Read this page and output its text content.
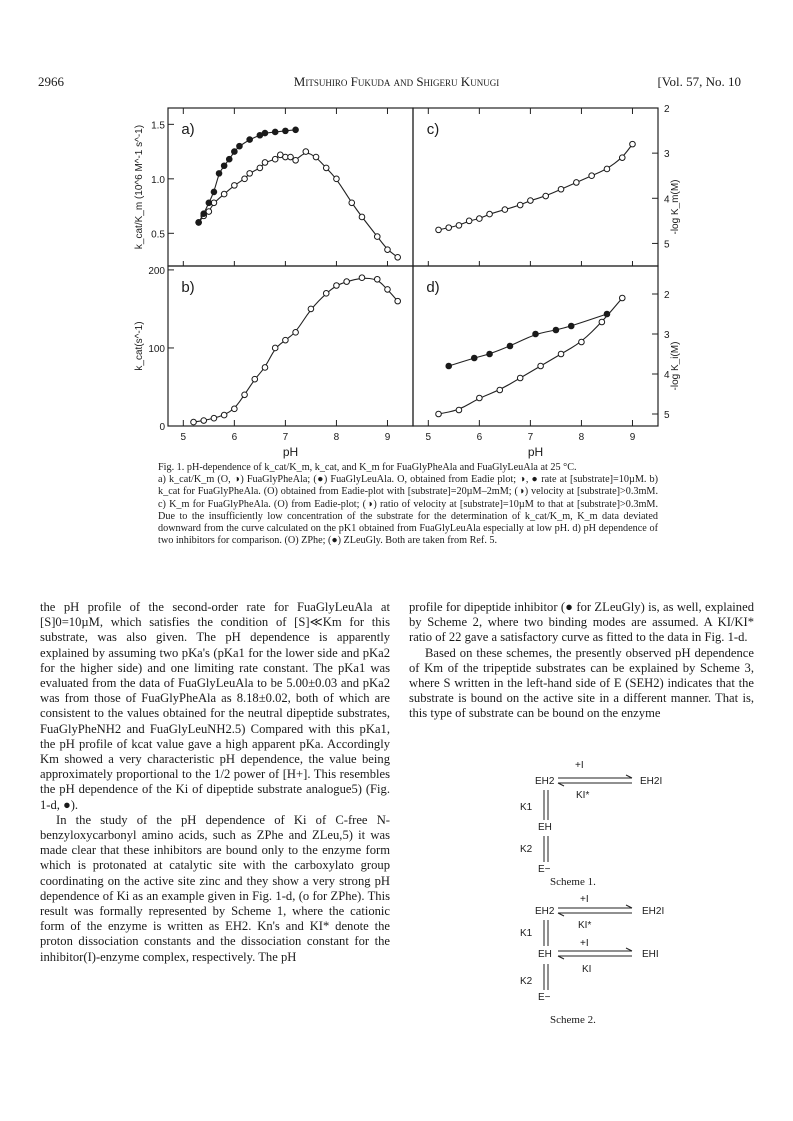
2966	Mitsuhiro Fukuda and Shigeru Kunugi	[Vol. 57, No. 10
a)	c)
b)	d)
5	6	7	8	9	5	6	7	8	9
pH	pH
1.5
1.0
0.5
200
100
0
2
3
4
5
2
3
4
5
k_cat/K_m (10^6 M^-1 s^-1)
k_cat(s^-1)
-log K_m(M)
-log K_i(M)

Fig. 1. pH-dependence of k_cat/K_m, k_cat, and K_m for FuaGlyPheAla and FuaGlyLeuAla at 25 °C.

a) k_cat/K_m (O, ◑) FuaGlyPheAla; (●) FuaGlyLeuAla. O, obtained from Eadie plot; ◑, ● rate at [substrate]=10µM. b) k_cat for FuaGlyPheAla. (O) obtained from Eadie-plot with [substrate]=20µM–2mM; (◑) velocity at [substrate]>0.3mM. c) K_m for FuaGlyPheAla. (O) from Eadie-plot; (◑) ratio of velocity at [substrate]=10µM to that at [substrate]>0.3mM. Due to the insufficiently low concentration of the substrate for the determination of k_cat/K_m, K_m data deviated downward from the curve calculated on the pK1 obtained from FuaGlyLeuAla especially at low pH. d) pH dependence of two inhibitors for comparison. (O) ZPhe; (●) ZLeuGly. Both are taken from Ref. 5.

the pH profile of the second-order rate for FuaGlyLeuAla at [S]0=10µM, which satisfies the condition of [S]≪Km for this substrate, was also given. The pH dependence is apparently explained by assuming two pKa's (pKa1 for the lower side and pKa2 for the higher side) and one limiting rate constant. The pKa1 was evaluated from the data of FuaGlyLeuAla to be 5.00±0.03 and pKa2 was from those of FuaGlyPheAla as 8.18±0.02, both of which are consistent to the values obtained for the neutral dipeptide substrates, FuaGlyPheNH2 and FuaGlyLeuNH2.5) Compared with this pKa1, the pH profile of kcat value gave a high apparent pKa. Accordingly Km showed a very characteristic pH dependence, the value being approximately proportional to the 1/2 power of [H+]. This resembles the pH dependence of the Ki of dipeptide substrate analogue5) (Fig. 1-d, ●).

In the study of the pH dependence of Ki of C-free N-benzyloxycarbonyl amino acids, such as ZPhe and ZLeu,5) it was made clear that these inhibitors are bound only to the enzyme form which is protonated at catalytic site with the carboxylato group coordinating on the active site zinc and they show a very strong pH dependence of Ki as an example given in Fig. 1-d, (o for ZPhe). This result was formally represented by Scheme 1, where the cationic form of the enzyme is written as EH2. Kn's and KI* denote the proton dissociation constants and the dissociation constant for the inhibitor(I)-enzyme complex, respectively. The pH

profile for dipeptide inhibitor (● for ZLeuGly) is, as well, explained by Scheme 2, where two binding modes are assumed. A KI/KI* ratio of 22 gave a satisfactory curve as fitted to the data in Fig. 1-d.

Based on these schemes, the presently observed pH dependence of Km of the tripeptide substrates can be explained by Scheme 3, where S written in the left-hand side of E (SEH2) indicates that the substrate is bound on the active site in a different manner. That is, this type of substrate can be bound on the enzyme

+I
EH2	EH2I
KI*
K1
EH
K2
E−
Scheme 1.
+I
EH2	EH2I
KI*
K1
+I
EH	EHI
KI
K2
E−
Scheme 2.
